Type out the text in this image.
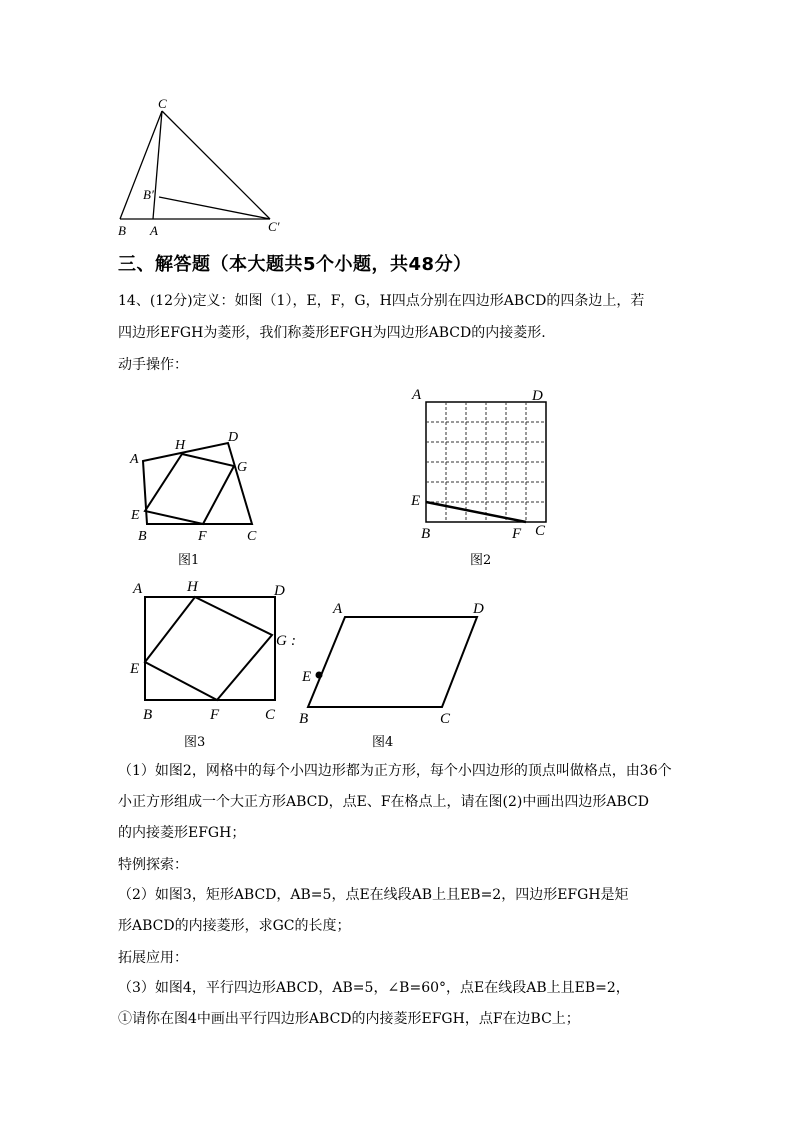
C
B′
B A	C′
三、解答题（本大题共5个小题，共48分）
14、(12分)定义：如图（1），E，F，G，H四点分别在四边形ABCD的四条边上，若
四边形EFGH为菱形，我们称菱形EFGH为四边形ABCD的内接菱形.
动手操作：
A
H
D
G
E
B	F	C
图1
A	D
E
B	F C
图2
A	H	D
G :
E
B	F	C
图3
A	D
E
B	C
图4
（1）如图2，网格中的每个小四边形都为正方形，每个小四边形的顶点叫做格点，由36个
小正方形组成一个大正方形ABCD，点E、F在格点上，请在图(2)中画出四边形ABCD
的内接菱形EFGH；
特例探索：
（2）如图3，矩形ABCD，AB=5，点E在线段AB上且EB=2，四边形EFGH是矩
形ABCD的内接菱形，求GC的长度；
拓展应用：
（3）如图4，平行四边形ABCD，AB=5，∠B=60°，点E在线段AB上且EB=2，
①请你在图4中画出平行四边形ABCD的内接菱形EFGH，点F在边BC上；
